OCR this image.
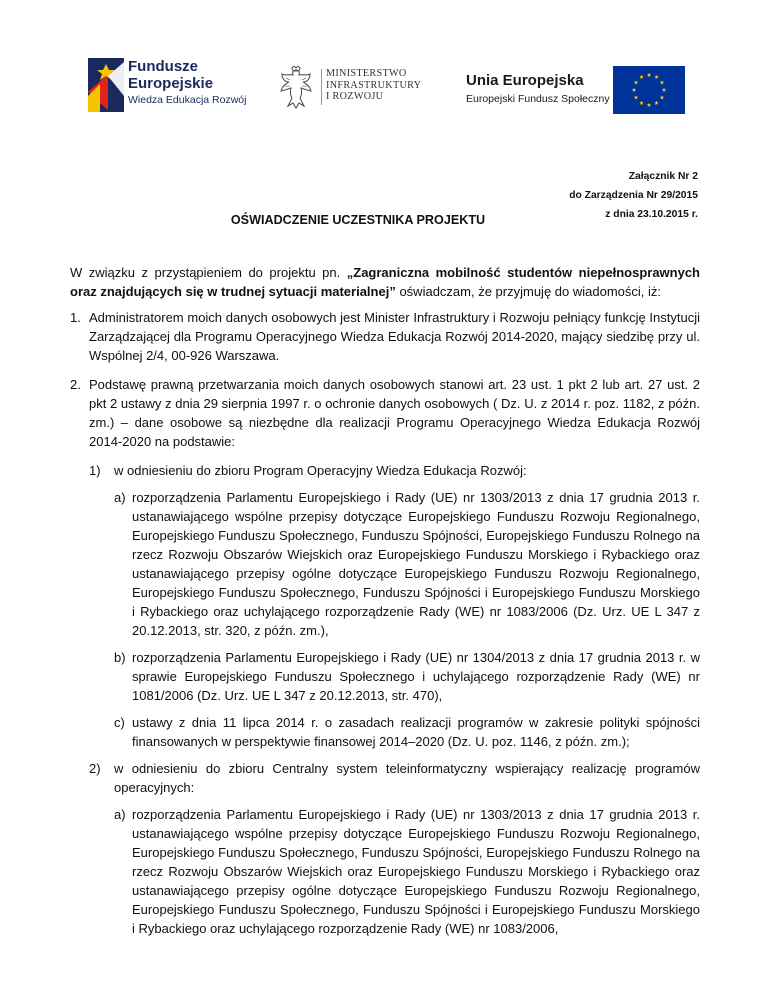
Fundusze
Europejskie
Wiedza Edukacja Rozwój
MINISTERSTWO
INFRASTRUKTURY
I ROZWOJU
Unia Europejska
Europejski Fundusz Społeczny
Załącznik Nr 2
do Zarządzenia Nr 29/2015
z dnia 23.10.2015 r.
OŚWIADCZENIE UCZESTNIKA PROJEKTU

W związku z przystąpieniem do projektu pn. „Zagraniczna mobilność studentów niepełnosprawnych oraz znajdujących się w trudnej sytuacji materialnej” oświadczam, że przyjmuję do wiadomości, iż:

1. Administratorem moich danych osobowych jest Minister Infrastruktury i Rozwoju pełniący funkcję Instytucji Zarządzającej dla Programu Operacyjnego Wiedza Edukacja Rozwój 2014-2020, mający siedzibę przy ul. Wspólnej 2/4, 00-926 Warszawa.

2. Podstawę prawną przetwarzania moich danych osobowych stanowi art. 23 ust. 1 pkt 2 lub art. 27 ust. 2 pkt 2 ustawy z dnia 29 sierpnia 1997 r. o ochronie danych osobowych ( Dz. U. z 2014 r. poz. 1182, z późn. zm.) – dane osobowe są niezbędne dla realizacji Programu Operacyjnego Wiedza Edukacja Rozwój 2014-2020 na podstawie:

1) w odniesieniu do zbioru Program Operacyjny Wiedza Edukacja Rozwój:

a) rozporządzenia Parlamentu Europejskiego i Rady (UE) nr 1303/2013 z dnia 17 grudnia 2013 r. ustanawiającego wspólne przepisy dotyczące Europejskiego Funduszu Rozwoju Regionalnego, Europejskiego Funduszu Społecznego, Funduszu Spójności, Europejskiego Funduszu Rolnego na rzecz Rozwoju Obszarów Wiejskich oraz Europejskiego Funduszu Morskiego i Rybackiego oraz ustanawiającego przepisy ogólne dotyczące Europejskiego Funduszu Rozwoju Regionalnego, Europejskiego Funduszu Społecznego, Funduszu Spójności i Europejskiego Funduszu Morskiego i Rybackiego oraz uchylającego rozporządzenie Rady (WE) nr 1083/2006 (Dz. Urz. UE L 347 z 20.12.2013, str. 320, z późn. zm.),

b) rozporządzenia Parlamentu Europejskiego i Rady (UE) nr 1304/2013 z dnia 17 grudnia 2013 r. w sprawie Europejskiego Funduszu Społecznego i uchylającego rozporządzenie Rady (WE) nr 1081/2006 (Dz. Urz. UE L 347 z 20.12.2013, str. 470),

c) ustawy z dnia 11 lipca 2014 r. o zasadach realizacji programów w zakresie polityki spójności finansowanych w perspektywie finansowej 2014–2020 (Dz. U. poz. 1146, z późn. zm.);

2) w odniesieniu do zbioru Centralny system teleinformatyczny wspierający realizację programów operacyjnych:

a) rozporządzenia Parlamentu Europejskiego i Rady (UE) nr 1303/2013 z dnia 17 grudnia 2013 r. ustanawiającego wspólne przepisy dotyczące Europejskiego Funduszu Rozwoju Regionalnego, Europejskiego Funduszu Społecznego, Funduszu Spójności, Europejskiego Funduszu Rolnego na rzecz Rozwoju Obszarów Wiejskich oraz Europejskiego Funduszu Morskiego i Rybackiego oraz ustanawiającego przepisy ogólne dotyczące Europejskiego Funduszu Rozwoju Regionalnego, Europejskiego Funduszu Społecznego, Funduszu Spójności i Europejskiego Funduszu Morskiego i Rybackiego oraz uchylającego rozporządzenie Rady (WE) nr 1083/2006,
